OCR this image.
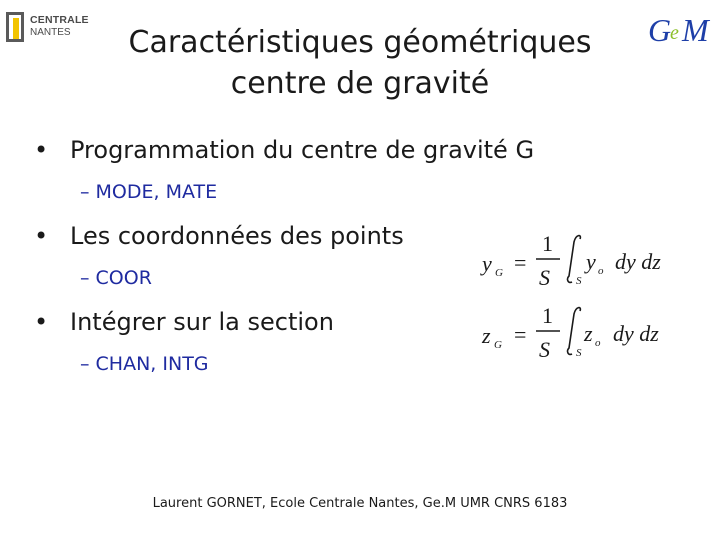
CENTRALE
NANTES	G
e M
Caractéristiques géométriques
centre de gravité
• Programmation du centre de gravité G
– MODE, MATE
• Les coordonnées des points
– COOR
• Intégrer sur la section
– CHAN, INTG
y G =
1
S S
y o dy dz
z G =
1
S S
z o dy dz
Laurent GORNET, Ecole Centrale Nantes, Ge.M UMR CNRS 6183
